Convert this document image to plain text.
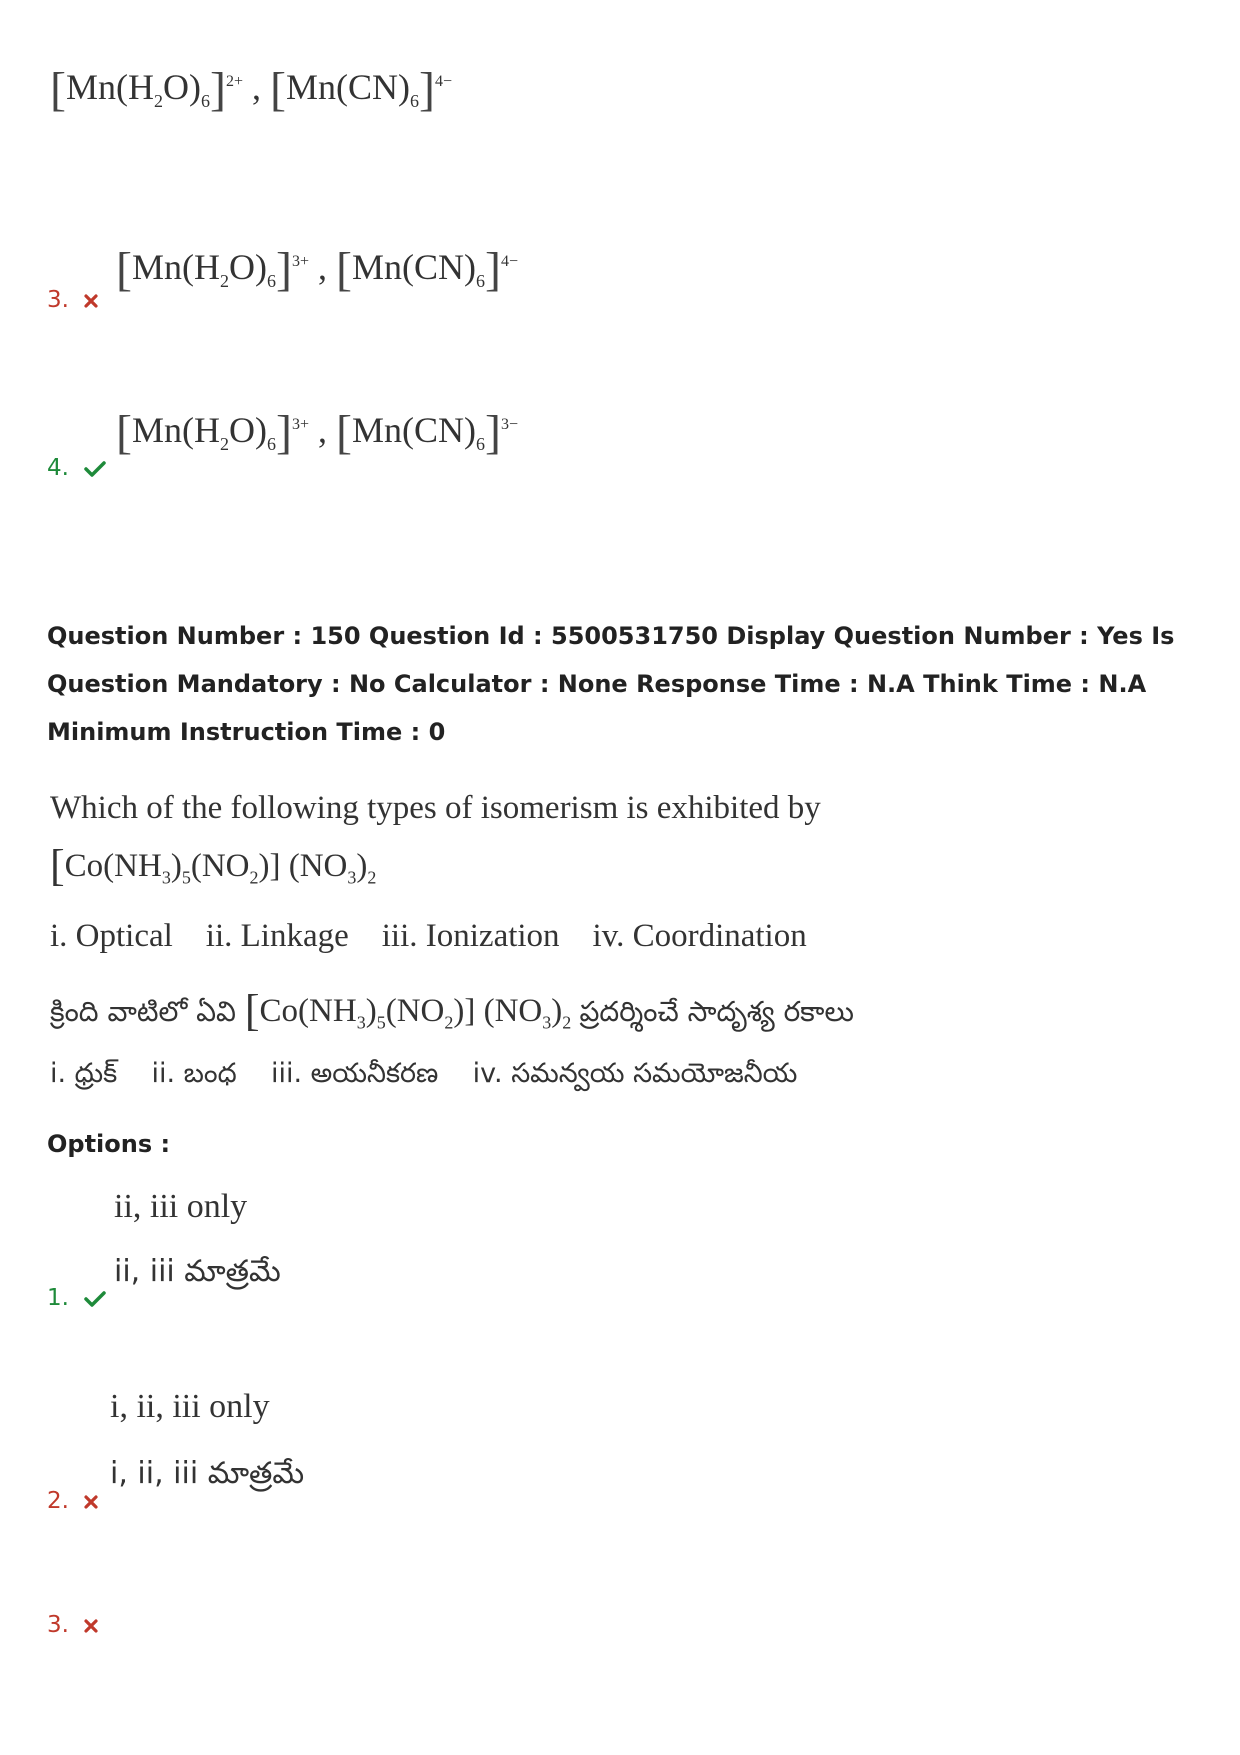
$[Mn(H_2O)_6]^{2+}$ , $[Mn(CN)_6]^{4-}$
3.
$[Mn(H_2O)_6]^{3+}$ , $[Mn(CN)_6]^{4-}$
4.
$[Mn(H_2O)_6]^{3+}$ , $[Mn(CN)_6]^{3-}$
Question Number : 150 Question Id : 5500531750 Display Question Number : Yes Is Question Mandatory : No Calculator : None Response Time : N.A Think Time : N.A Minimum Instruction Time : 0
Which of the following types of isomerism is exhibited by
$[Co(NH_3)_5(NO_2)]$ $(NO_3)_2$
i. Optical    ii. Linkage    iii. Ionization    iv. Coordination
క్రింది వాటిలో ఏవి $[Co(NH_3)_5(NO_2)]$ $(NO_3)_2$ ప్రదర్శించే సాదృశ్య రకాలు
i. ధ్రుక్    ii. బంధ    iii. అయనీకరణ    iv. సమన్వయ సమయోజనీయ
Options :
ii, iii only
ii, iii మాత్రమే
1.
i, ii, iii only
i, ii, iii మాత్రమే
2.
3.
